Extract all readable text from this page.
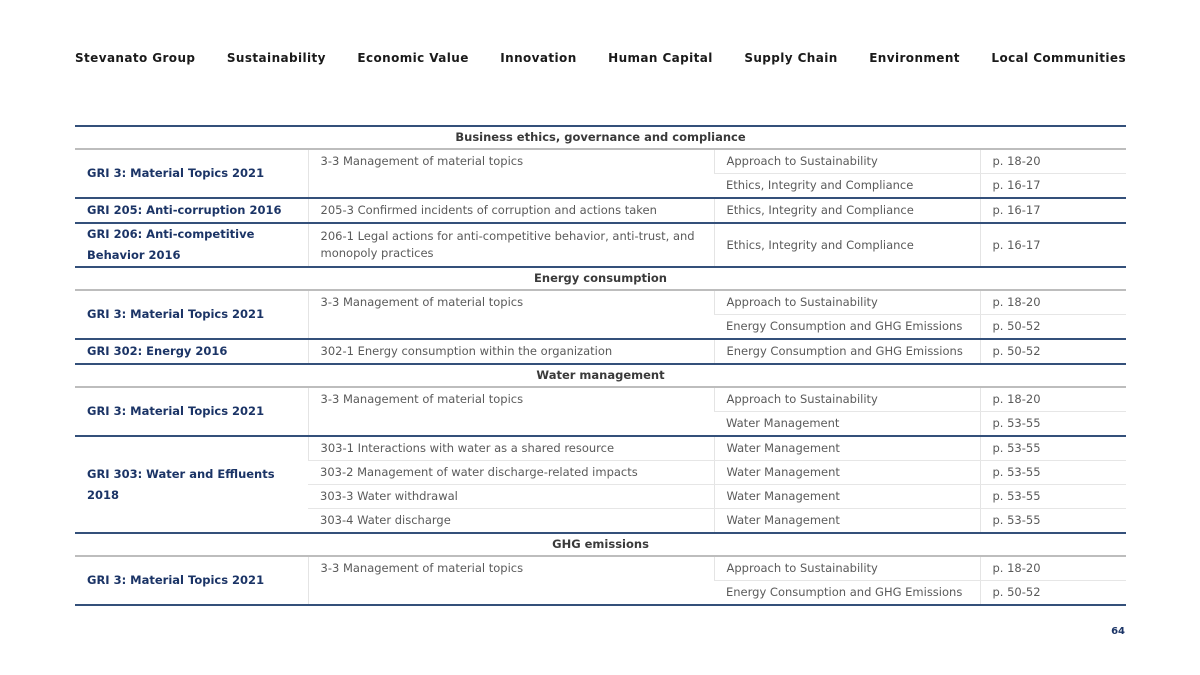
Stevanato Group	Sustainability	Economic Value	Innovation	Human Capital	Supply Chain	Environment	Local Communities
Business ethics, governance and compliance			
GRI 3: Material Topics 2021	3-3 Management of material topics	Approach to Sustainability	p. 18-20
		Ethics, Integrity and Compliance	p. 16-17
GRI 205: Anti-corruption 2016	205-3 Confirmed incidents of corruption and actions taken	Ethics, Integrity and Compliance	p. 16-17
GRI 206: Anti-competitive Behavior 2016	206-1 Legal actions for anti-competitive behavior, anti-trust, and monopoly practices	Ethics, Integrity and Compliance	p. 16-17
Energy consumption			
GRI 3: Material Topics 2021	3-3 Management of material topics	Approach to Sustainability	p. 18-20
		Energy Consumption and GHG Emissions	p. 50-52
GRI 302: Energy 2016	302-1 Energy consumption within the organization	Energy Consumption and GHG Emissions	p. 50-52
Water management			
GRI 3: Material Topics 2021	3-3 Management of material topics	Approach to Sustainability	p. 18-20
		Water Management	p. 53-55
GRI 303: Water and Effluents 2018	303-1 Interactions with water as a shared resource	Water Management	p. 53-55
	303-2 Management of water discharge-related impacts	Water Management	p. 53-55
	303-3 Water withdrawal	Water Management	p. 53-55
	303-4 Water discharge	Water Management	p. 53-55
GHG emissions			
GRI 3: Material Topics 2021	3-3 Management of material topics	Approach to Sustainability	p. 18-20
		Energy Consumption and GHG Emissions	p. 50-52
64
